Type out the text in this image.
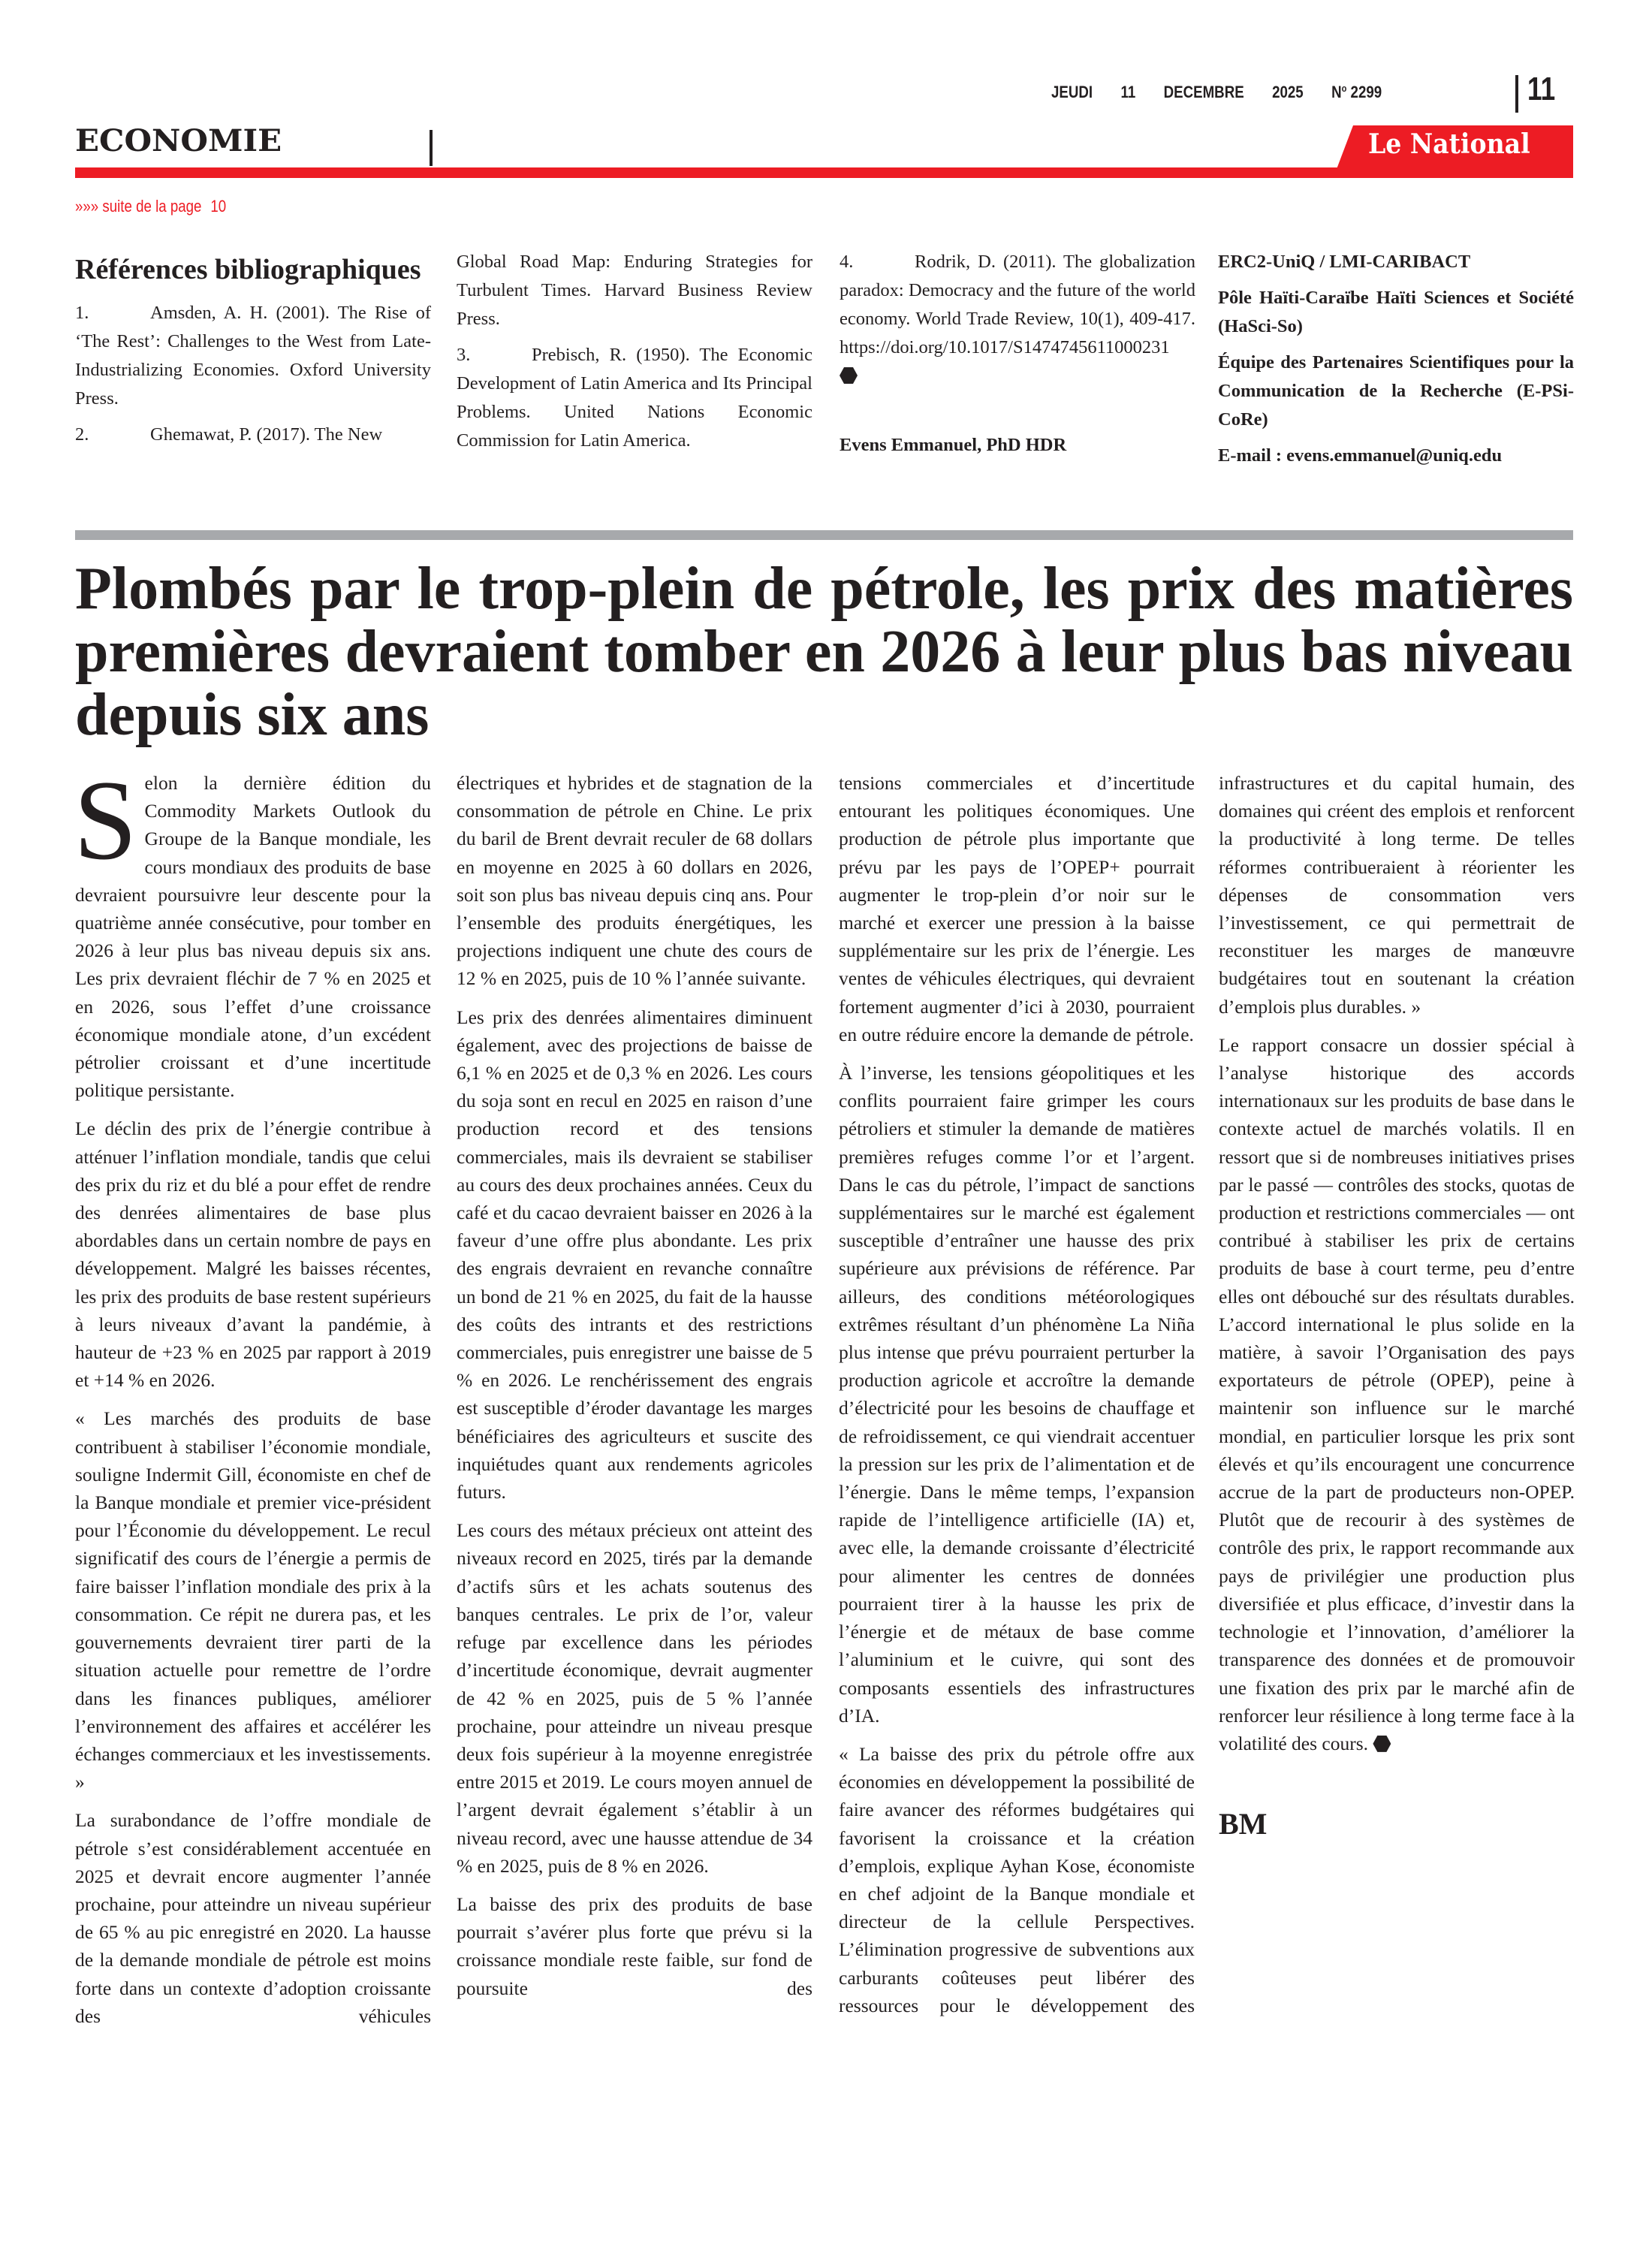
JEUDI 11 DECEMBRE 2025 $N^o$ 2299	11
ECONOMIE	Le National
»»» suite de la page 10
Références bibliographiques

1.	Amsden, A. H. (2001). The Rise of ‘The Rest’: Challenges to the West from Late-Industrializing Economies. Oxford University Press.

2.	Ghemawat, P. (2017). The New

Global Road Map: Enduring Strategies for Turbulent Times. Harvard Business Review Press.

3.	Prebisch, R. (1950). The Economic Development of Latin America and Its Principal Problems. United Nations Economic Commission for Latin America.

4.	Rodrik, D. (2011). The globalization paradox: Democracy and the future of the world economy. World Trade Review, 10(1), 409-417. https://doi.org/10.1017/S1474745611000231

Evens Emmanuel, PhD HDR

ERC2-UniQ / LMI-CARIBACT

Pôle Haïti-Caraïbe Haïti Sciences et Société (HaSci-So)

Équipe des Partenaires Scientifiques pour la Communication de la Recherche (E-PSi-CoRe)

E-mail : evens.emmanuel@uniq.edu

Plombés par le trop-plein de pétrole, les prix des matières premières devraient tomber en 2026 à leur plus bas niveau depuis six ans

Selon la dernière édition du Commodity Markets Outlook du Groupe de la Banque mondiale, les cours mondiaux des produits de base devraient poursuivre leur descente pour la quatrième année consécutive, pour tomber en 2026 à leur plus bas niveau depuis six ans. Les prix devraient fléchir de 7 % en 2025 et en 2026, sous l’effet d’une croissance économique mondiale atone, d’un excédent pétrolier croissant et d’une incertitude politique persistante.

Le déclin des prix de l’énergie contribue à atténuer l’inflation mondiale, tandis que celui des prix du riz et du blé a pour effet de rendre des denrées alimentaires de base plus abordables dans un certain nombre de pays en développement. Malgré les baisses récentes, les prix des produits de base restent supérieurs à leurs niveaux d’avant la pandémie, à hauteur de +23 % en 2025 par rapport à 2019 et +14 % en 2026.

« Les marchés des produits de base contribuent à stabiliser l’économie mondiale, souligne Indermit Gill, économiste en chef de la Banque mondiale et premier vice-président pour l’Économie du développement. Le recul significatif des cours de l’énergie a permis de faire baisser l’inflation mondiale des prix à la consommation. Ce répit ne durera pas, et les gouvernements devraient tirer parti de la situation actuelle pour remettre de l’ordre dans les finances publiques, améliorer l’environnement des affaires et accélérer les échanges commerciaux et les investissements. »

La surabondance de l’offre mondiale de pétrole s’est considérablement accentuée en 2025 et devrait encore augmenter l’année prochaine, pour atteindre un niveau supérieur de 65 % au pic enregistré en 2020. La hausse de la demande mondiale de pétrole est moins forte dans un contexte d’adoption croissante des véhicules

électriques et hybrides et de stagnation de la consommation de pétrole en Chine. Le prix du baril de Brent devrait reculer de 68 dollars en moyenne en 2025 à 60 dollars en 2026, soit son plus bas niveau depuis cinq ans. Pour l’ensemble des produits énergétiques, les projections indiquent une chute des cours de 12 % en 2025, puis de 10 % l’année suivante.

Les prix des denrées alimentaires diminuent également, avec des projections de baisse de 6,1 % en 2025 et de 0,3 % en 2026. Les cours du soja sont en recul en 2025 en raison d’une production record et des tensions commerciales, mais ils devraient se stabiliser au cours des deux prochaines années. Ceux du café et du cacao devraient baisser en 2026 à la faveur d’une offre plus abondante. Les prix des engrais devraient en revanche connaître un bond de 21 % en 2025, du fait de la hausse des coûts des intrants et des restrictions commerciales, puis enregistrer une baisse de 5 % en 2026. Le renchérissement des engrais est susceptible d’éroder davantage les marges bénéficiaires des agriculteurs et suscite des inquiétudes quant aux rendements agricoles futurs.

Les cours des métaux précieux ont atteint des niveaux record en 2025, tirés par la demande d’actifs sûrs et les achats soutenus des banques centrales. Le prix de l’or, valeur refuge par excellence dans les périodes d’incertitude économique, devrait augmenter de 42 % en 2025, puis de 5 % l’année prochaine, pour atteindre un niveau presque deux fois supérieur à la moyenne enregistrée entre 2015 et 2019. Le cours moyen annuel de l’argent devrait également s’établir à un niveau record, avec une hausse attendue de 34 % en 2025, puis de 8 % en 2026.

La baisse des prix des produits de base pourrait s’avérer plus forte que prévu si la croissance mondiale reste faible, sur fond de poursuite des

tensions commerciales et d’incertitude entourant les politiques économiques. Une production de pétrole plus importante que prévu par les pays de l’OPEP+ pourrait augmenter le trop-plein d’or noir sur le marché et exercer une pression à la baisse supplémentaire sur les prix de l’énergie. Les ventes de véhicules électriques, qui devraient fortement augmenter d’ici à 2030, pourraient en outre réduire encore la demande de pétrole.

À l’inverse, les tensions géopolitiques et les conflits pourraient faire grimper les cours pétroliers et stimuler la demande de matières premières refuges comme l’or et l’argent. Dans le cas du pétrole, l’impact de sanctions supplémentaires sur le marché est également susceptible d’entraîner une hausse des prix supérieure aux prévisions de référence. Par ailleurs, des conditions météorologiques extrêmes résultant d’un phénomène La Niña plus intense que prévu pourraient perturber la production agricole et accroître la demande d’électricité pour les besoins de chauffage et de refroidissement, ce qui viendrait accentuer la pression sur les prix de l’alimentation et de l’énergie. Dans le même temps, l’expansion rapide de l’intelligence artificielle (IA) et, avec elle, la demande croissante d’électricité pour alimenter les centres de données pourraient tirer à la hausse les prix de l’énergie et de métaux de base comme l’aluminium et le cuivre, qui sont des composants essentiels des infrastructures d’IA.

« La baisse des prix du pétrole offre aux économies en développement la possibilité de faire avancer des réformes budgétaires qui favorisent la croissance et la création d’emplois, explique Ayhan Kose, économiste en chef adjoint de la Banque mondiale et directeur de la cellule Perspectives. L’élimination progressive de subventions aux carburants coûteuses peut libérer des ressources pour le développement des

infrastructures et du capital humain, des domaines qui créent des emplois et renforcent la productivité à long terme. De telles réformes contribueraient à réorienter les dépenses de consommation vers l’investissement, ce qui permettrait de reconstituer les marges de manœuvre budgétaires tout en soutenant la création d’emplois plus durables. »

Le rapport consacre un dossier spécial à l’analyse historique des accords internationaux sur les produits de base dans le contexte actuel de marchés volatils. Il en ressort que si de nombreuses initiatives prises par le passé — contrôles des stocks, quotas de production et restrictions commerciales — ont contribué à stabiliser les prix de certains produits de base à court terme, peu d’entre elles ont débouché sur des résultats durables. L’accord international le plus solide en la matière, à savoir l’Organisation des pays exportateurs de pétrole (OPEP), peine à maintenir son influence sur le marché mondial, en particulier lorsque les prix sont élevés et qu’ils encouragent une concurrence accrue de la part de producteurs non-OPEP. Plutôt que de recourir à des systèmes de contrôle des prix, le rapport recommande aux pays de privilégier une production plus diversifiée et plus efficace, d’investir dans la technologie et l’innovation, d’améliorer la transparence des données et de promouvoir une fixation des prix par le marché afin de renforcer leur résilience à long terme face à la volatilité des cours.

BM
